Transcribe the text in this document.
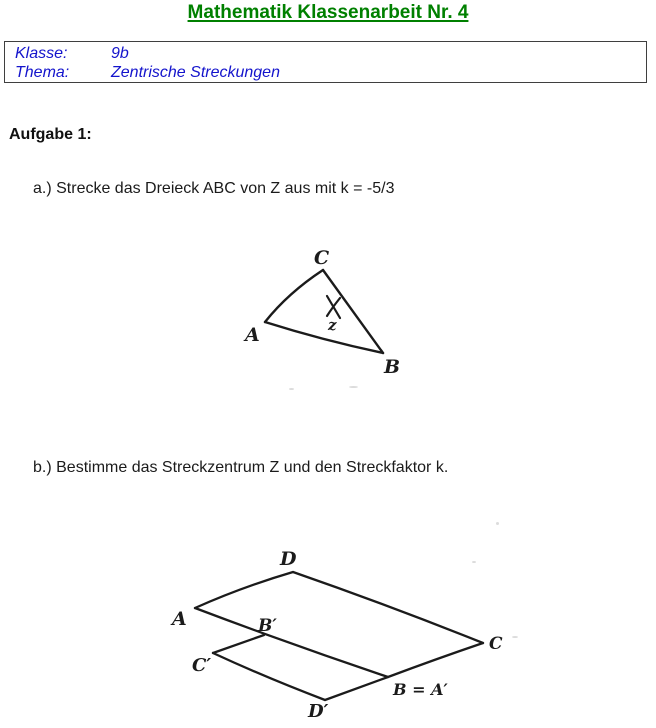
Mathematik Klassenarbeit Nr. 4
Klasse:	9b
Thema:	Zentrische Streckungen
Aufgabe 1:
a.) Strecke das Dreieck ABC von Z aus mit k = -5/3
C
A
B
z
b.) Bestimme das Streckzentrum Z und den Streckfaktor k.
D
A	B′
C
C′
B = A′
D′
